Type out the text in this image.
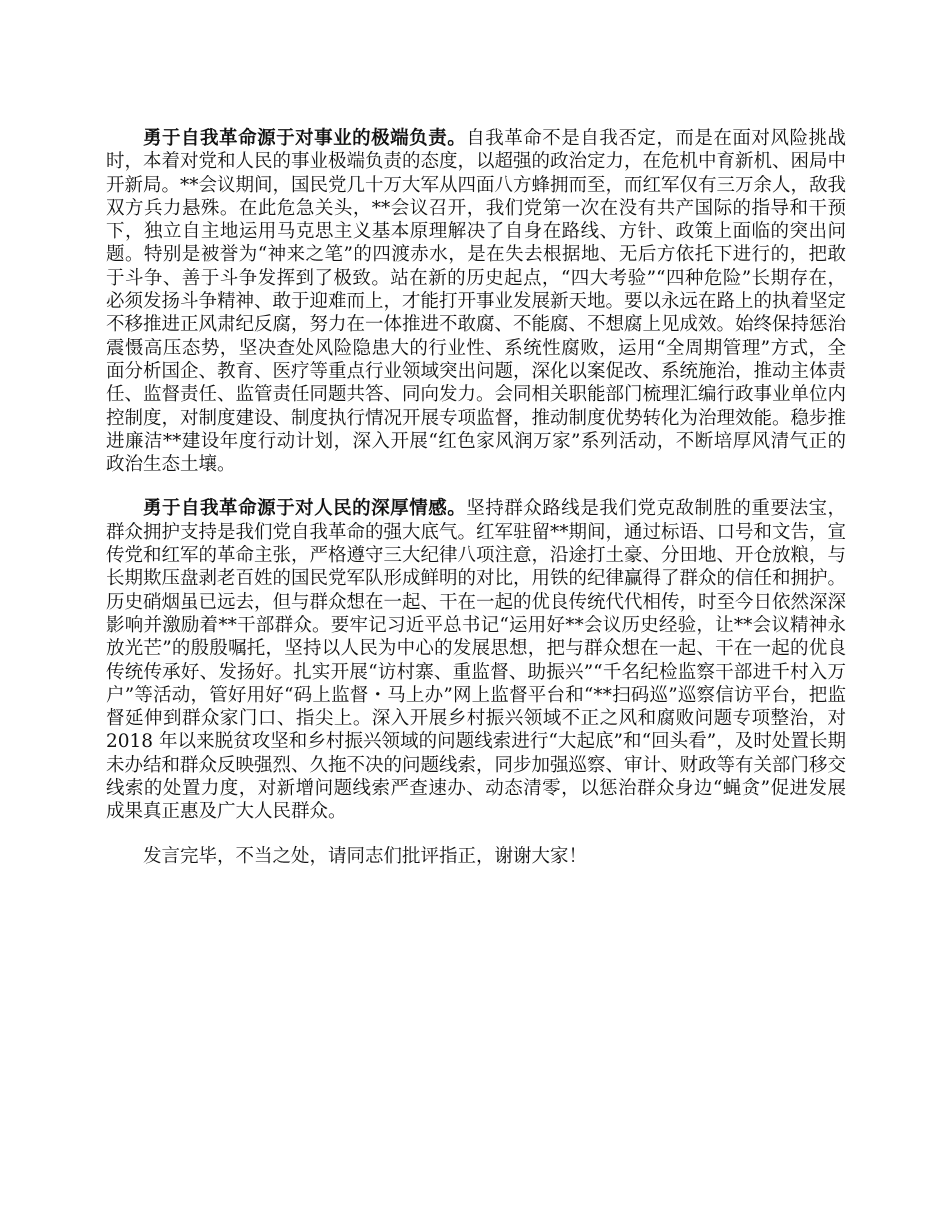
勇于自我革命源于对事业的极端负责。自我革命不是自我否定，而是在面对风险挑战时，本着对党和人民的事业极端负责的态度，以超强的政治定力，在危机中育新机、困局中开新局。**会议期间，国民党几十万大军从四面八方蜂拥而至，而红军仅有三万余人，敌我双方兵力悬殊。在此危急关头，**会议召开，我们党第一次在没有共产国际的指导和干预下，独立自主地运用马克思主义基本原理解决了自身在路线、方针、政策上面临的突出问题。特别是被誉为“神来之笔”的四渡赤水，是在失去根据地、无后方依托下进行的，把敢于斗争、善于斗争发挥到了极致。站在新的历史起点，“四大考验”“四种危险”长期存在，必须发扬斗争精神、敢于迎难而上，才能打开事业发展新天地。要以永远在路上的执着坚定不移推进正风肃纪反腐，努力在一体推进不敢腐、不能腐、不想腐上见成效。始终保持惩治震慑高压态势，坚决查处风险隐患大的行业性、系统性腐败，运用“全周期管理”方式，全面分析国企、教育、医疗等重点行业领域突出问题，深化以案促改、系统施治，推动主体责任、监督责任、监管责任同题共答、同向发力。会同相关职能部门梳理汇编行政事业单位内控制度，对制度建设、制度执行情况开展专项监督，推动制度优势转化为治理效能。稳步推进廉洁**建设年度行动计划，深入开展“红色家风润万家”系列活动，不断培厚风清气正的政治生态土壤。

勇于自我革命源于对人民的深厚情感。坚持群众路线是我们党克敌制胜的重要法宝，群众拥护支持是我们党自我革命的强大底气。红军驻留**期间，通过标语、口号和文告，宣传党和红军的革命主张，严格遵守三大纪律八项注意，沿途打土豪、分田地、开仓放粮，与长期欺压盘剥老百姓的国民党军队形成鲜明的对比，用铁的纪律赢得了群众的信任和拥护。历史硝烟虽已远去，但与群众想在一起、干在一起的优良传统代代相传，时至今日依然深深影响并激励着**干部群众。要牢记习近平总书记“运用好**会议历史经验，让**会议精神永放光芒”的殷殷嘱托，坚持以人民为中心的发展思想，把与群众想在一起、干在一起的优良传统传承好、发扬好。扎实开展“访村寨、重监督、助振兴”“千名纪检监察干部进千村入万户”等活动，管好用好“码上监督・马上办”网上监督平台和“**扫码巡”巡察信访平台，把监督延伸到群众家门口、指尖上。深入开展乡村振兴领域不正之风和腐败问题专项整治，对 2018 年以来脱贫攻坚和乡村振兴领域的问题线索进行“大起底”和“回头看”，及时处置长期未办结和群众反映强烈、久拖不决的问题线索，同步加强巡察、审计、财政等有关部门移交线索的处置力度，对新增问题线索严查速办、动态清零，以惩治群众身边“蝇贪”促进发展成果真正惠及广大人民群众。

发言完毕，不当之处，请同志们批评指正，谢谢大家！
